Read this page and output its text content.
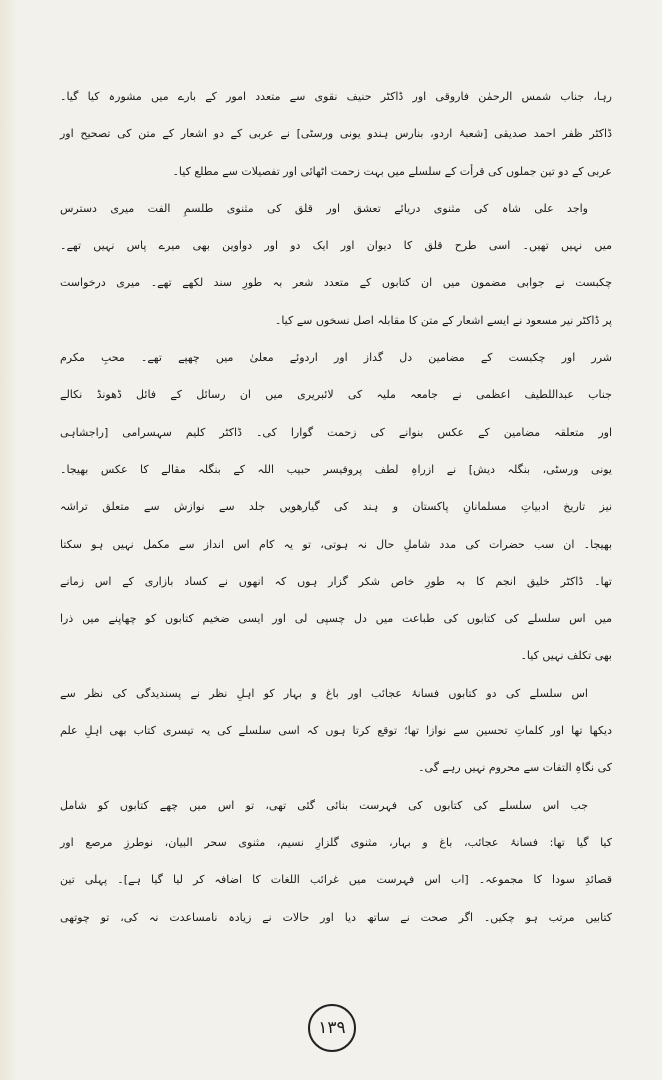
رہا، جناب شمس الرحمٰن فاروقی اور ڈاکٹر حنیف نقوی سے متعدد امور کے بارے میں مشورہ کیا گیا۔
ڈاکٹر ظفر احمد صدیقی [شعبۂ اردو، بنارس ہندو یونی ورسٹی] نے عربی کے دو اشعار کے متن کی تصحیح اور
عربی کے دو تین جملوں کی قرأت کے سلسلے میں بہت زحمت اٹھائی اور تفصیلات سے مطلع کیا۔
واجد علی شاہ کی مثنوی دریائے تعشق اور قلق کی مثنوی طلسمِ الفت میری دسترس
میں نہیں تھیں۔ اسی طرح قلق کا دیوان اور ایک دو اور دواوین بھی میرے پاس نہیں تھے۔
چکبست نے جوابی مضمون میں ان کتابوں کے متعدد شعر بہ طورِ سند لکھے تھے۔ میری درخواست
پر ڈاکٹر نیر مسعود نے ایسے اشعار کے متن کا مقابلہ اصل نسخوں سے کیا۔
شرر اور چکبست کے مضامین دل گداز اور اردوئے معلیٰ میں چھپے تھے۔ محبِ مکرم
جناب عبداللطیف اعظمی نے جامعہ ملیہ کی لائبریری میں ان رسائل کے فائل ڈھونڈ نکالے
اور متعلقہ مضامین کے عکس بنوانے کی زحمت گوارا کی۔ ڈاکٹر کلیم سہسرامی [راجشاہی
یونی ورسٹی، بنگلہ دیش] نے ازراہِ لطف پروفیسر حبیب اللہ کے بنگلہ مقالے کا عکس بھیجا۔
نیز تاریخ ادبیاتِ مسلمانانِ پاکستان و ہند کی گیارھویں جلد سے نوازش سے متعلق تراشہ
بھیجا۔ ان سب حضرات کی مدد شاملِ حال نہ ہوتی، تو یہ کام اس انداز سے مکمل نہیں ہو سکتا
تھا۔ ڈاکٹر خلیق انجم کا بہ طورِ خاص شکر گزار ہوں کہ انھوں نے کساد بازاری کے اس زمانے
میں اس سلسلے کی کتابوں کی طباعت میں دل چسپی لی اور ایسی ضخیم کتابوں کو چھاپنے میں ذرا
بھی تکلف نہیں کیا۔
اس سلسلے کی دو کتابوں فسانۂ عجائب اور باغ و بہار کو اہلِ نظر نے پسندیدگی کی نظر سے
دیکھا تھا اور کلماتِ تحسین سے نوازا تھا؛ توقع کرتا ہوں کہ اسی سلسلے کی یہ تیسری کتاب بھی اہلِ علم
کی نگاہِ التفات سے محروم نہیں رہے گی۔
جب اس سلسلے کی کتابوں کی فہرست بنائی گئی تھی، تو اس میں چھے کتابوں کو شامل
کیا گیا تھا: فسانۂ عجائب، باغ و بہار، مثنوی گلزارِ نسیم، مثنوی سحر البیان، نوطرزِ مرصع اور
قصائدِ سودا کا مجموعہ۔ [اب اس فہرست میں غرائب اللغات کا اضافہ کر لیا گیا ہے]۔ پہلی تین
کتابیں مرتب ہو چکیں۔ اگر صحت نے ساتھ دیا اور حالات نے زیادہ نامساعدت نہ کی، تو چوتھی
١٣٩
